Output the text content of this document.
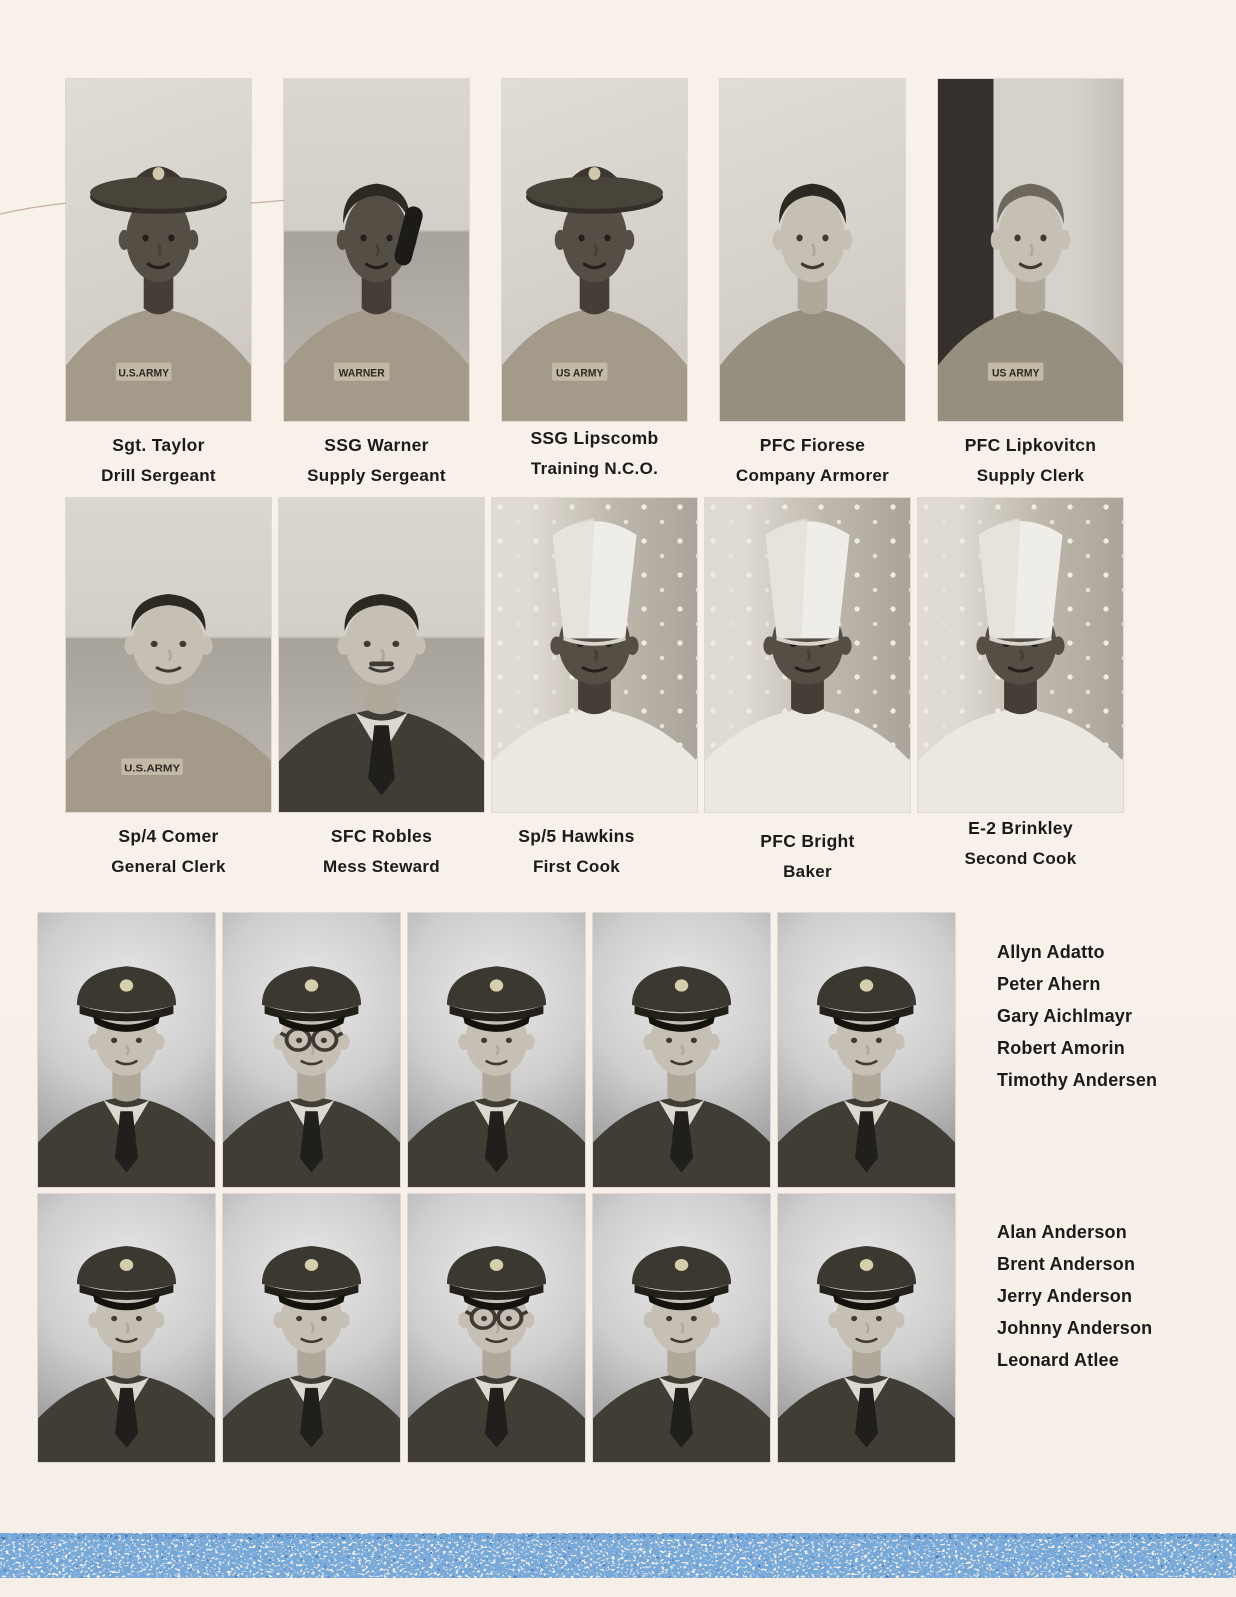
U.S.ARMY
Sgt. Taylor
Drill Sergeant
WARNER
SSG Warner
Supply Sergeant
US ARMY
SSG Lipscomb
Training N.C.O.
PFC Fiorese
Company Armorer
US ARMY
PFC Lipkovitcn
Supply Clerk
U.S.ARMY
Sp/4 Comer
General Clerk
SFC Robles
Mess Steward
Sp/5 Hawkins
First Cook
PFC Bright
Baker
E-2 Brinkley
Second Cook
Allyn Adatto
Peter Ahern
Gary Aichlmayr
Robert Amorin
Timothy Andersen
Alan Anderson
Brent Anderson
Jerry Anderson
Johnny Anderson
Leonard Atlee
